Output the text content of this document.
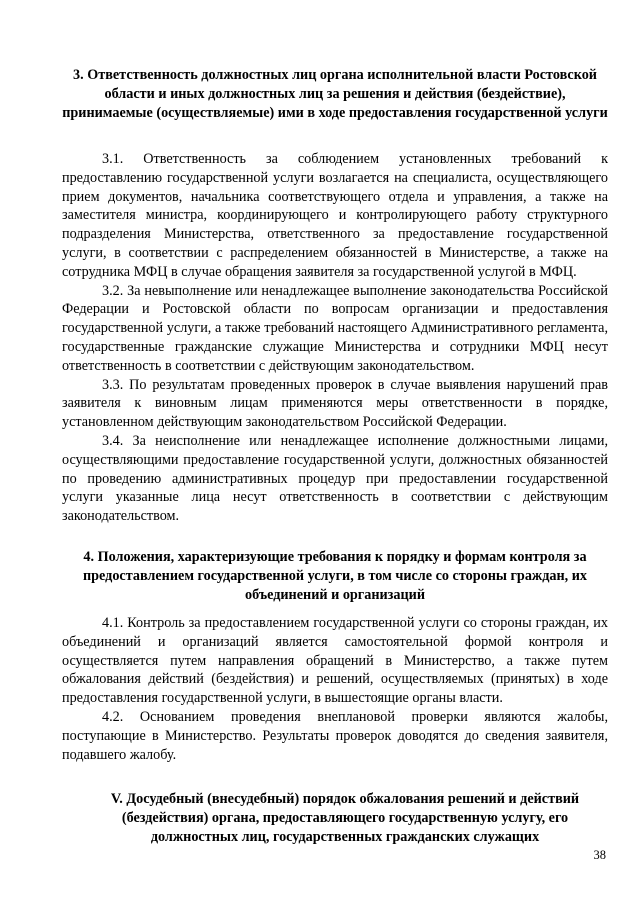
3. Ответственность должностных лиц органа исполнительной власти Ростовской области и иных должностных лиц за решения и действия (бездействие), принимаемые (осуществляемые) ими в ходе предоставления государственной услуги

3.1. Ответственность за соблюдением установленных требований к предоставлению государственной услуги возлагается на специалиста, осуществляющего прием документов, начальника соответствующего отдела и управления, а также на заместителя министра, координирующего и контролирующего работу структурного подразделения Министерства, ответственного за предоставление государственной услуги, в соответствии с распределением обязанностей в Министерстве, а также на сотрудника МФЦ в случае обращения заявителя за государственной услугой в МФЦ.

3.2. За невыполнение или ненадлежащее выполнение законодательства Российской Федерации и Ростовской области по вопросам организации и предоставления государственной услуги, а также требований настоящего Административного регламента, государственные гражданские служащие Министерства и сотрудники МФЦ несут ответственность в соответствии с действующим законодательством.

3.3. По результатам проведенных проверок в случае выявления нарушений прав заявителя к виновным лицам применяются меры ответственности в порядке, установленном действующим законодательством Российской Федерации.

3.4. За неисполнение или ненадлежащее исполнение должностными лицами, осуществляющими предоставление государственной услуги, должностных обязанностей по проведению административных процедур при предоставлении государственной услуги указанные лица несут ответственность в соответствии с действующим законодательством.

4. Положения, характеризующие требования к порядку и формам контроля за предоставлением государственной услуги, в том числе со стороны граждан, их объединений и организаций

4.1. Контроль за предоставлением государственной услуги со стороны граждан, их объединений и организаций является самостоятельной формой контроля и осуществляется путем направления обращений в Министерство, а также путем обжалования действий (бездействия) и решений, осуществляемых (принятых) в ходе предоставления государственной услуги, в вышестоящие органы власти.

4.2. Основанием проведения внеплановой проверки являются жалобы, поступающие в Министерство. Результаты проверок доводятся до сведения заявителя, подавшего жалобу.

V. Досудебный (внесудебный) порядок обжалования решений и действий (бездействия) органа, предоставляющего государственную услугу, его должностных лиц, государственных гражданских служащих
38
